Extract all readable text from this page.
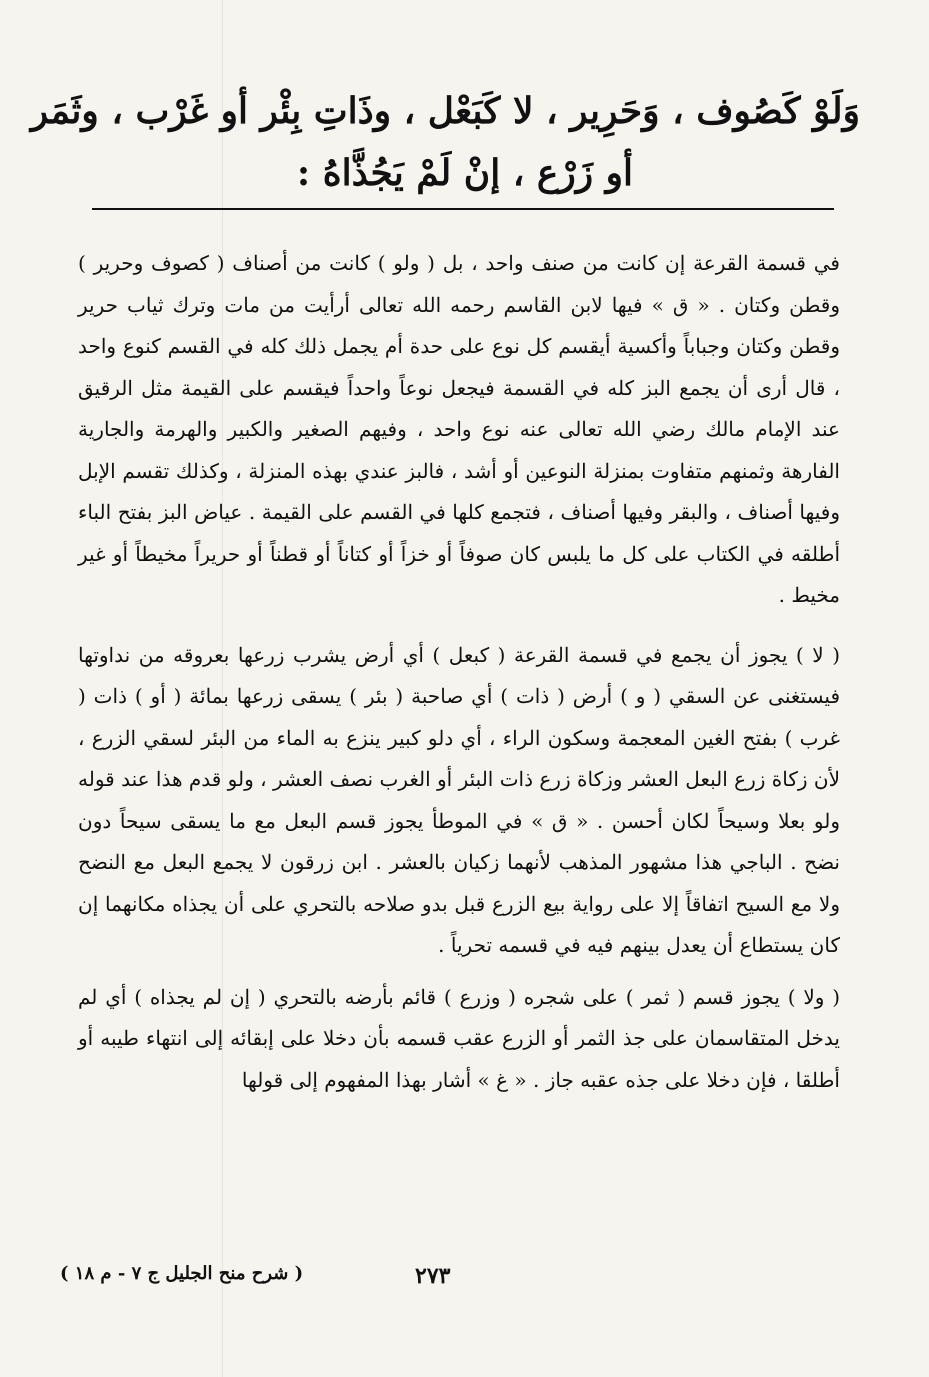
وَلَوْ كَصُوف ، وَحَرِير ، لا كَبَعْل ، وذَاتِ بِئْر أو غَرْب ، وثَمَر
أو زَرْع ، إنْ لَمْ يَجُذَّاهُ :

في قسمة القرعة إن كانت من صنف واحد ، بل ( ولو ) كانت من أصناف ( كصوف وحرير ) وقطن وكتان . « ق » فيها لابن القاسم رحمه الله تعالى أرأيت من مات وترك ثياب حرير وقطن وكتان وجباباً وأكسية أيقسم كل نوع على حدة أم يجمل ذلك كله في القسم كنوع واحد ، قال أرى أن يجمع البز كله في القسمة فيجعل نوعاً واحداً فيقسم على القيمة مثل الرقيق عند الإمام مالك رضي الله تعالى عنه نوع واحد ، وفيهم الصغير والكبير والهرمة والجارية الفارهة وثمنهم متفاوت بمنزلة النوعين أو أشد ، فالبز عندي بهذه المنزلة ، وكذلك تقسم الإبل وفيها أصناف ، والبقر وفيها أصناف ، فتجمع كلها في القسم على القيمة . عياض البز بفتح الباء أطلقه في الكتاب على كل ما يلبس كان صوفاً أو خزاً أو كتاناً أو قطناً أو حريراً مخيطاً أو غير مخيط .

( لا ) يجوز أن يجمع في قسمة القرعة ( كبعل ) أي أرض يشرب زرعها بعروقه من نداوتها فيستغنى عن السقي ( و ) أرض ( ذات ) أي صاحبة ( بئر ) يسقى زرعها بمائة ( أو ) ذات ( غرب ) بفتح الغين المعجمة وسكون الراء ، أي دلو كبير ينزع به الماء من البئر لسقي الزرع ، لأن زكاة زرع البعل العشر وزكاة زرع ذات البئر أو الغرب نصف العشر ، ولو قدم هذا عند قوله ولو بعلا وسيحاً لكان أحسن . « ق » في الموطأ يجوز قسم البعل مع ما يسقى سيحاً دون نضح . الباجي هذا مشهور المذهب لأنهما زكيان بالعشر . ابن زرقون لا يجمع البعل مع النضح ولا مع السيح اتفاقاً إلا على رواية بيع الزرع قبل بدو صلاحه بالتحري على أن يجذاه مكانهما إن كان يستطاع أن يعدل بينهم فيه في قسمه تحرياً .

( ولا ) يجوز قسم ( ثمر ) على شجره ( وزرع ) قائم بأرضه بالتحري ( إن لم يجذاه ) أي لم يدخل المتقاسمان على جذ الثمر أو الزرع عقب قسمه بأن دخلا على إبقائه إلى انتهاء طيبه أو أطلقا ، فإن دخلا على جذه عقبه جاز . « غ » أشار بهذا المفهوم إلى قولها

( شرح منح الجليل ج ٧ - م ١٨ )	٢٧٣
